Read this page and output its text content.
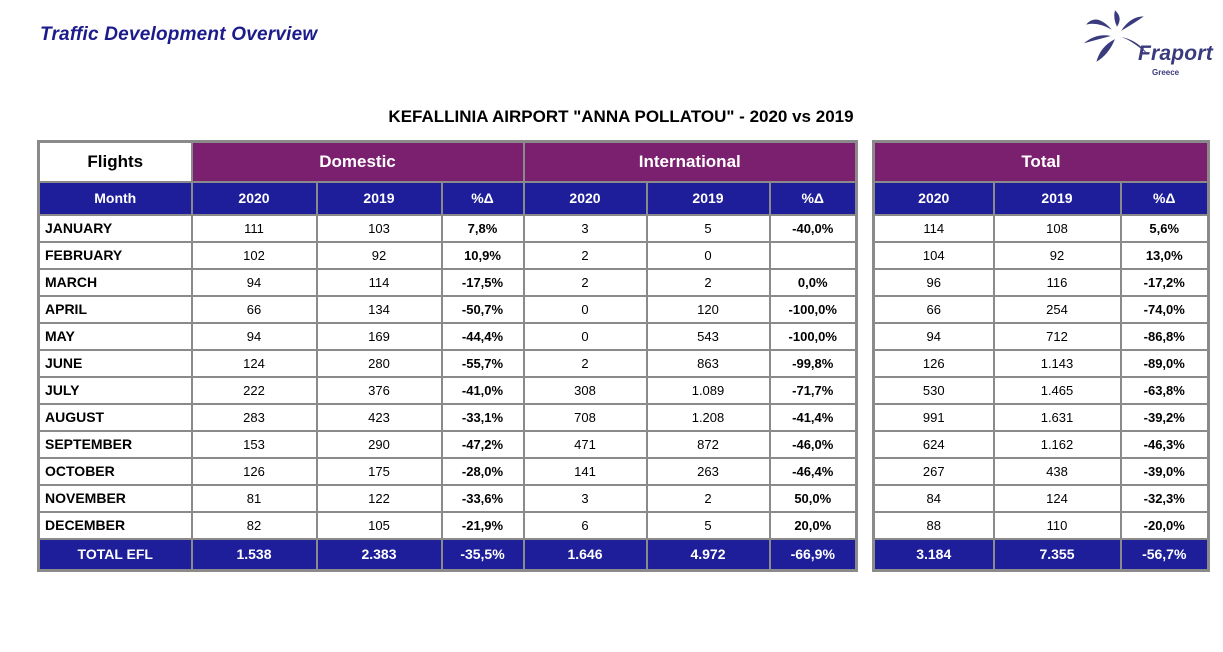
Traffic Development Overview
Fraport
Greece
KEFALLINIA AIRPORT "ANNA POLLATOU" - 2020 vs 2019
Flights	Domestic			International		
Month	2020	2019	%Δ	2020	2019	%Δ
JANUARY	111	103	7,8%	3	5	-40,0%
FEBRUARY	102	92	10,9%	2	0	
MARCH	94	114	-17,5%	2	2	0,0%
APRIL	66	134	-50,7%	0	120	-100,0%
MAY	94	169	-44,4%	0	543	-100,0%
JUNE	124	280	-55,7%	2	863	-99,8%
JULY	222	376	-41,0%	308	1.089	-71,7%
AUGUST	283	423	-33,1%	708	1.208	-41,4%
SEPTEMBER	153	290	-47,2%	471	872	-46,0%
OCTOBER	126	175	-28,0%	141	263	-46,4%
NOVEMBER	81	122	-33,6%	3	2	50,0%
DECEMBER	82	105	-21,9%	6	5	20,0%
TOTAL EFL	1.538	2.383	-35,5%	1.646	4.972	-66,9%
Total		
2020	2019	%Δ
114	108	5,6%
104	92	13,0%
96	116	-17,2%
66	254	-74,0%
94	712	-86,8%
126	1.143	-89,0%
530	1.465	-63,8%
991	1.631	-39,2%
624	1.162	-46,3%
267	438	-39,0%
84	124	-32,3%
88	110	-20,0%
3.184	7.355	-56,7%
